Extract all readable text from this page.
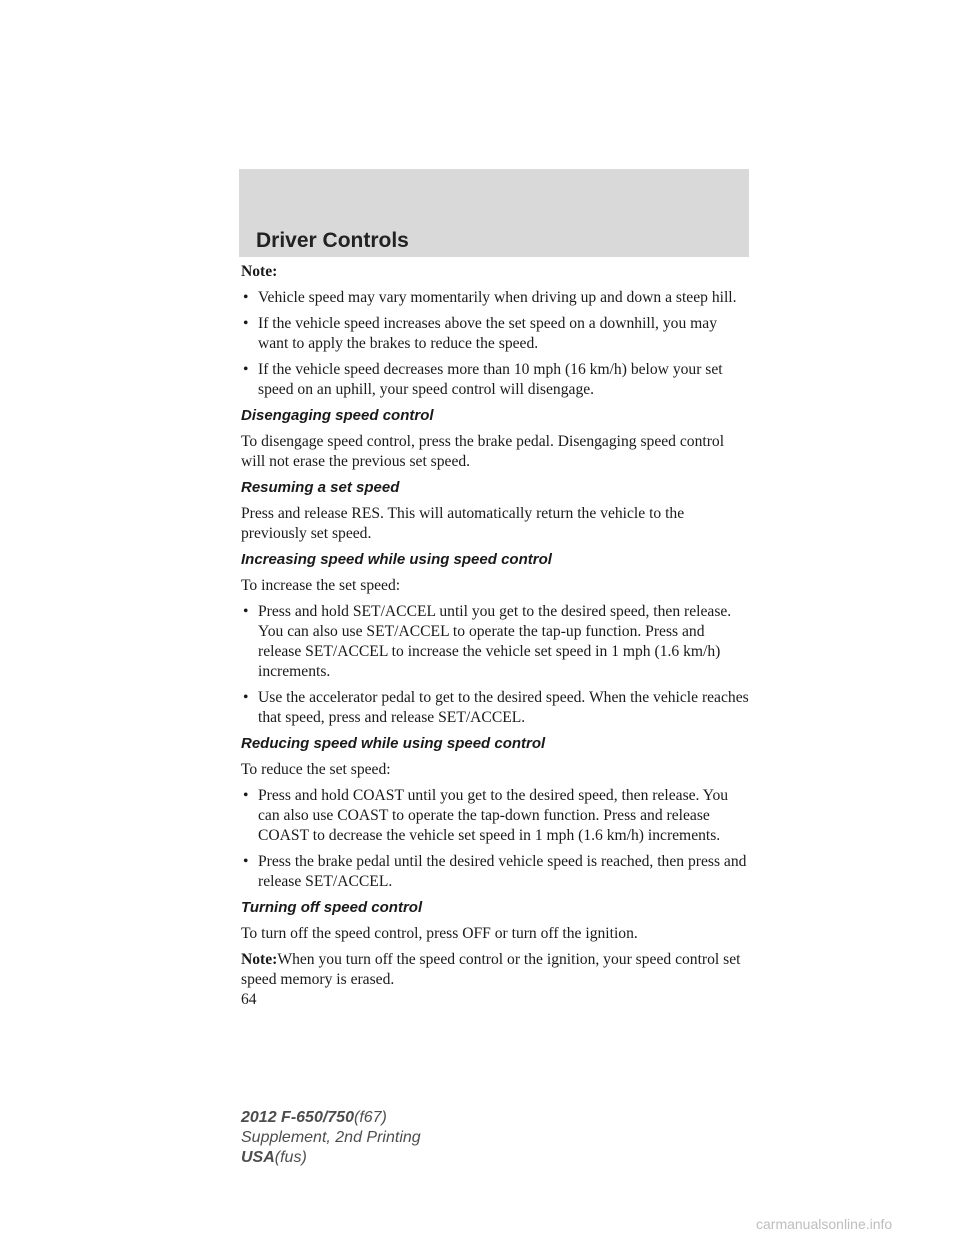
Driver Controls

Note:

• Vehicle speed may vary momentarily when driving up and down a steep hill.
• If the vehicle speed increases above the set speed on a downhill, you may want to apply the brakes to reduce the speed.
• If the vehicle speed decreases more than 10 mph (16 km/h) below your set speed on an uphill, your speed control will disengage.

Disengaging speed control

To disengage speed control, press the brake pedal. Disengaging speed control will not erase the previous set speed.

Resuming a set speed

Press and release RES. This will automatically return the vehicle to the previously set speed.

Increasing speed while using speed control

To increase the set speed:

• Press and hold SET/ACCEL until you get to the desired speed, then release. You can also use SET/ACCEL to operate the tap-up function. Press and release SET/ACCEL to increase the vehicle set speed in 1 mph (1.6 km/h) increments.
• Use the accelerator pedal to get to the desired speed. When the vehicle reaches that speed, press and release SET/ACCEL.

Reducing speed while using speed control

To reduce the set speed:

• Press and hold COAST until you get to the desired speed, then release. You can also use COAST to operate the tap-down function. Press and release COAST to decrease the vehicle set speed in 1 mph (1.6 km/h) increments.
• Press the brake pedal until the desired vehicle speed is reached, then press and release SET/ACCEL.

Turning off speed control

To turn off the speed control, press OFF or turn off the ignition.

Note:When you turn off the speed control or the ignition, your speed control set speed memory is erased.

64

2012 F-650/750(f67)
Supplement, 2nd Printing
USA(fus)
carmanualsonline.info
